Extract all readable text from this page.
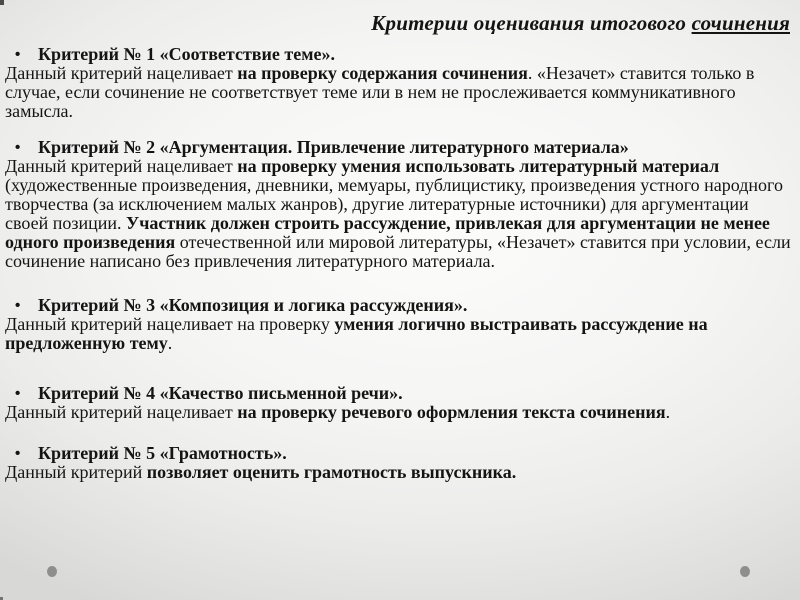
Критерии оценивания итогового сочинения
• Критерий № 1 «Соответствие теме».

Данный критерий нацеливает на проверку содержания сочинения. «Незачет» ставится только в случае, если сочинение не соответствует теме или в нем не прослеживается коммуникативного замысла.

• Критерий № 2 «Аргументация. Привлечение литературного материала»

Данный критерий нацеливает на проверку умения использовать литературный материал (художественные произведения, дневники, мемуары, публицистику, произведения устного народного творчества (за исключением малых жанров), другие литературные источники) для аргументации своей позиции. Участник должен строить рассуждение, привлекая для аргументации не менее одного произведения отечественной или мировой литературы, «Незачет» ставится при условии, если сочинение написано без привлечения литературного материала.

• Критерий № 3 «Композиция и логика рассуждения».

Данный критерий нацеливает на проверку умения логично выстраивать рассуждение на предложенную тему.

• Критерий № 4 «Качество письменной речи».

Данный критерий нацеливает на проверку речевого оформления текста сочинения.

• Критерий № 5 «Грамотность».

Данный критерий позволяет оценить грамотность выпускника.
